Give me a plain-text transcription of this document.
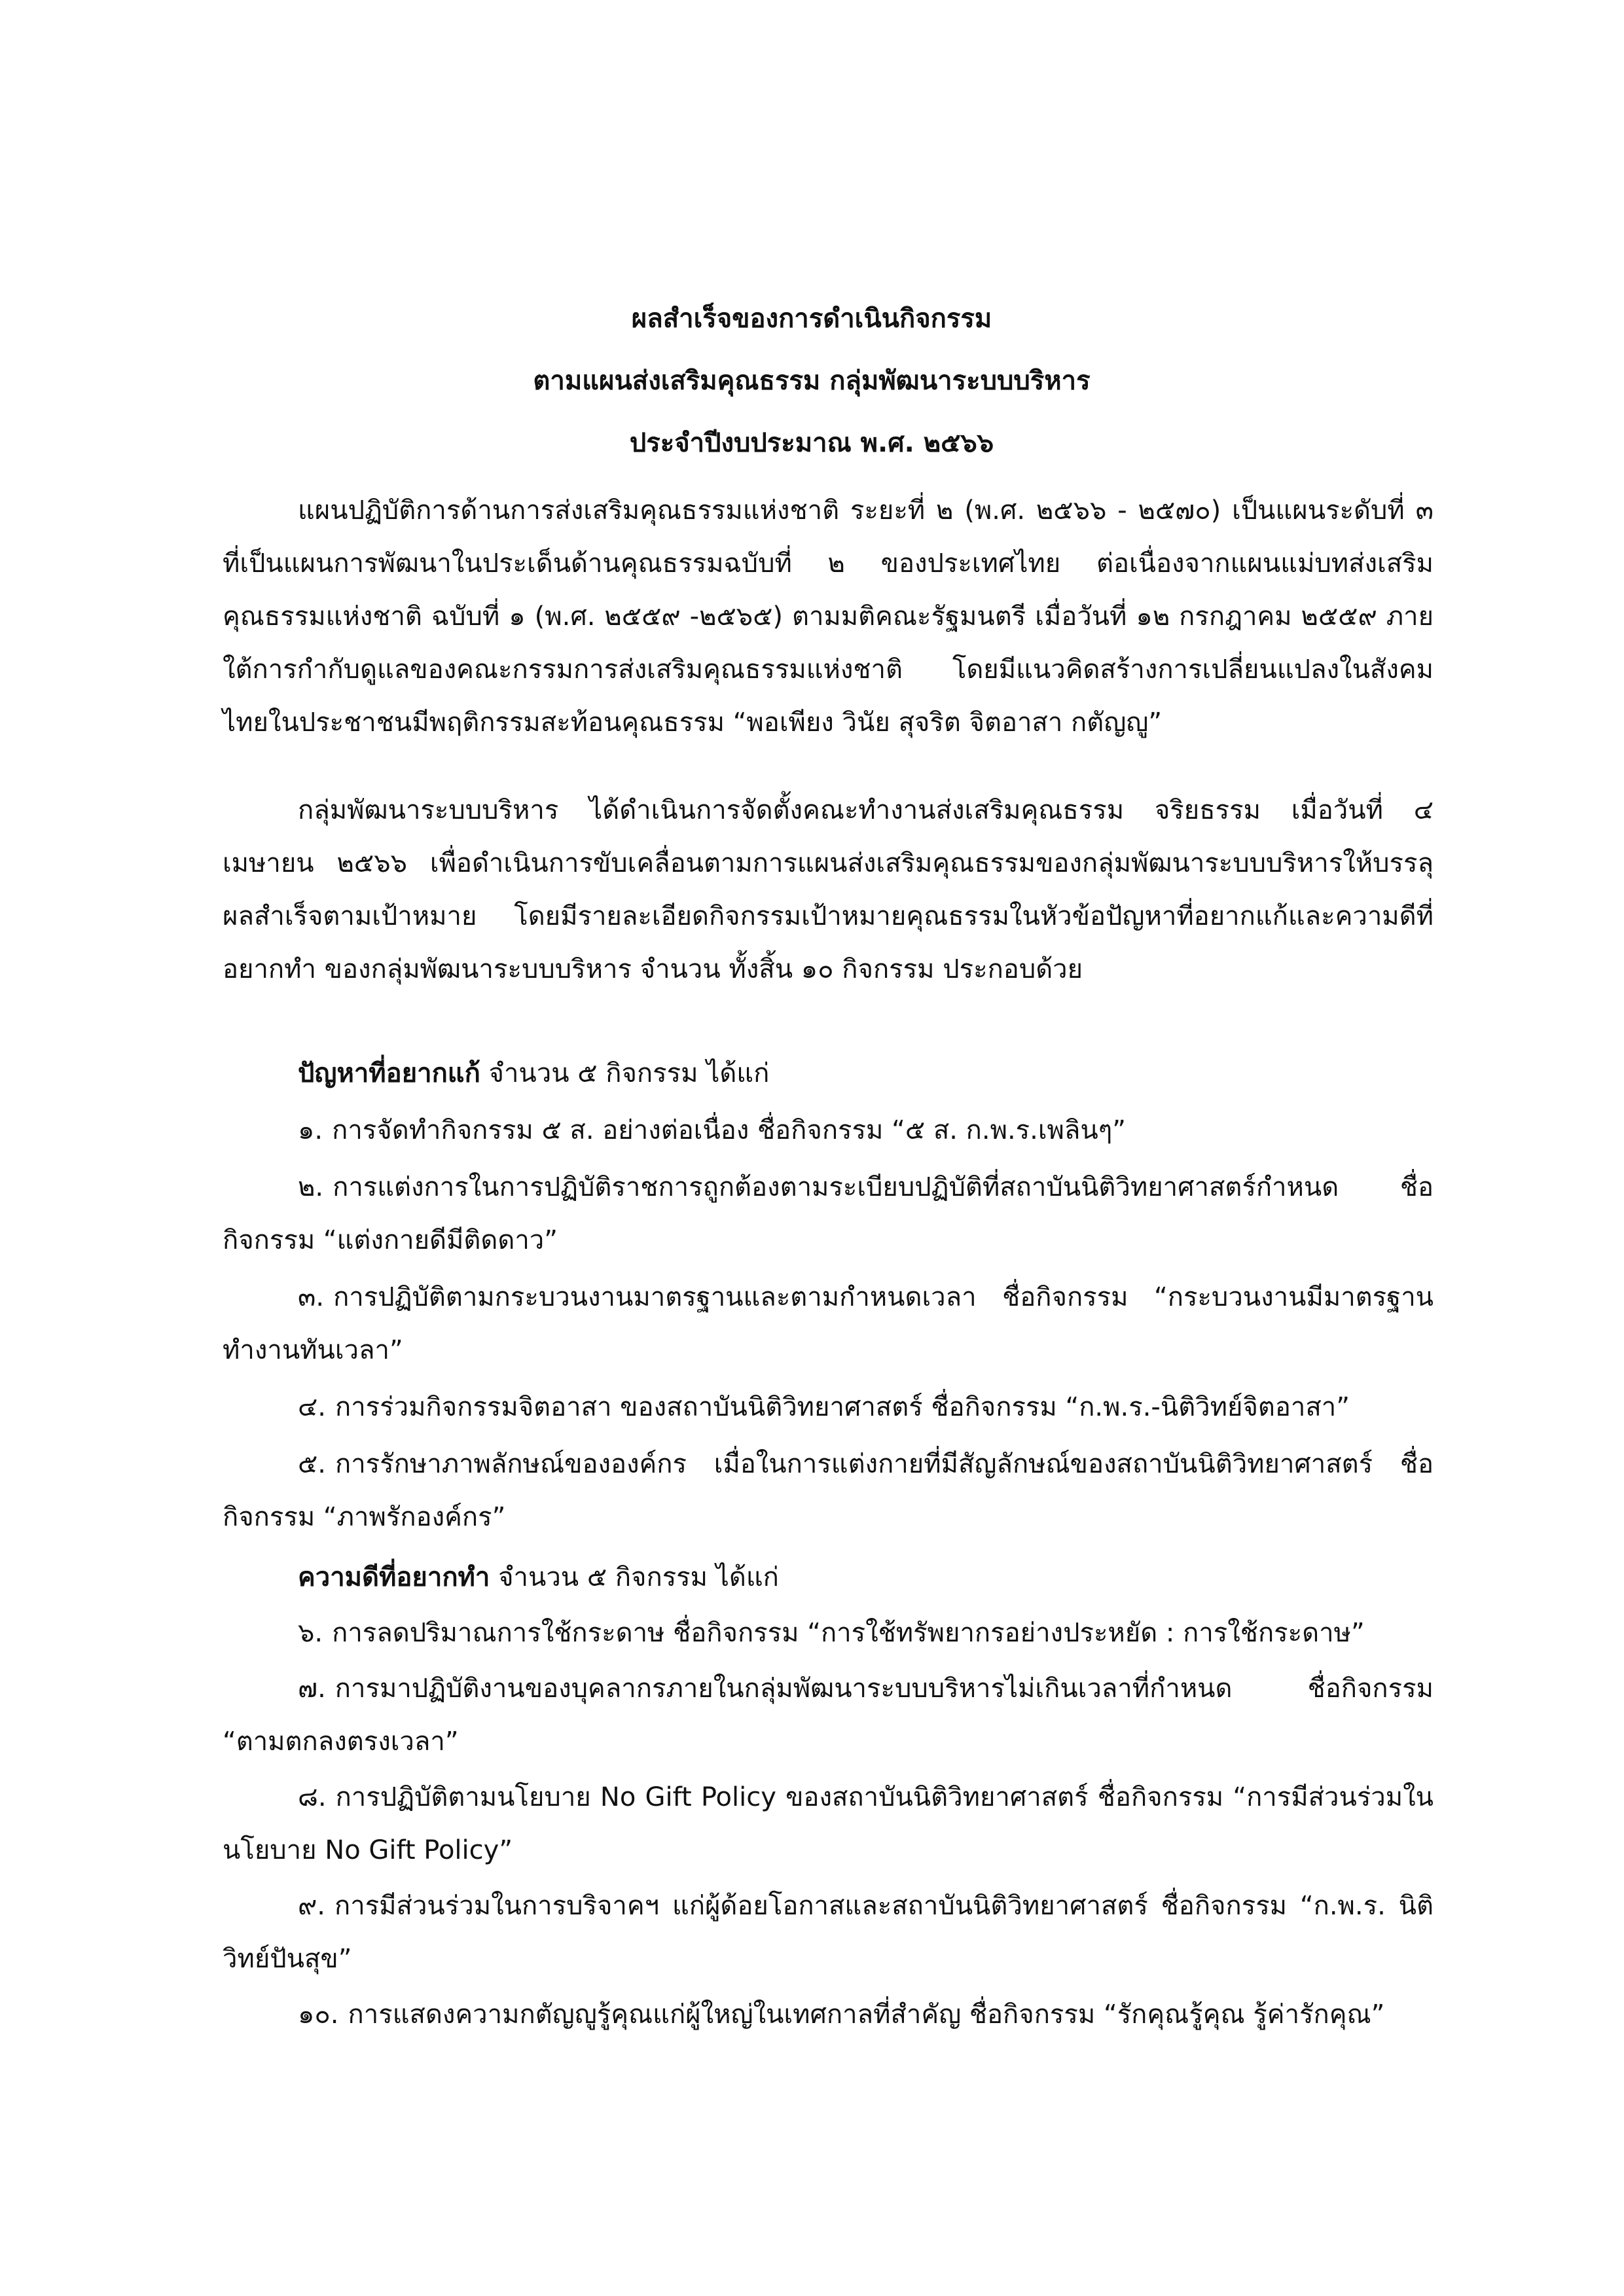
ผลสำเร็จของการดำเนินกิจกรรม
ตามแผนส่งเสริมคุณธรรม กลุ่มพัฒนาระบบบริหาร
ประจำปีงบประมาณ พ.ศ. ๒๕๖๖
แผนปฏิบัติการด้านการส่งเสริมคุณธรรมแห่งชาติ ระยะที่ ๒ (พ.ศ. ๒๕๖๖ - ๒๕๗๐) เป็นแผนระดับที่ ๓ ที่เป็นแผนการพัฒนาในประเด็นด้านคุณธรรมฉบับที่ ๒ ของประเทศไทย ต่อเนื่องจากแผนแม่บทส่งเสริมคุณธรรมแห่งชาติ ฉบับที่ ๑ (พ.ศ. ๒๕๕๙ -๒๕๖๕) ตามมติคณะรัฐมนตรี เมื่อวันที่ ๑๒ กรกฎาคม ๒๕๕๙ ภายใต้การกำกับดูแลของคณะกรรมการส่งเสริมคุณธรรมแห่งชาติ โดยมีแนวคิดสร้างการเปลี่ยนแปลงในสังคมไทยในประชาชนมีพฤติกรรมสะท้อนคุณธรรม “พอเพียง วินัย สุจริต จิตอาสา กตัญญู”
กลุ่มพัฒนาระบบบริหาร ได้ดำเนินการจัดตั้งคณะทำงานส่งเสริมคุณธรรม จริยธรรม เมื่อวันที่ ๔ เมษายน ๒๕๖๖ เพื่อดำเนินการขับเคลื่อนตามการแผนส่งเสริมคุณธรรมของกลุ่มพัฒนาระบบบริหารให้บรรลุผลสำเร็จตามเป้าหมาย โดยมีรายละเอียดกิจกรรมเป้าหมายคุณธรรมในหัวข้อปัญหาที่อยากแก้และความดีที่อยากทำ ของกลุ่มพัฒนาระบบบริหาร จำนวน ทั้งสิ้น ๑๐ กิจกรรม ประกอบด้วย
ปัญหาที่อยากแก้ จำนวน ๕ กิจกรรม ได้แก่
๑. การจัดทำกิจกรรม ๕ ส. อย่างต่อเนื่อง ชื่อกิจกรรม “๕ ส. ก.พ.ร.เพลินๆ”
๒. การแต่งการในการปฏิบัติราชการถูกต้องตามระเบียบปฏิบัติที่สถาบันนิติวิทยาศาสตร์กำหนด ชื่อกิจกรรม “แต่งกายดีมีติดดาว”
๓. การปฏิบัติตามกระบวนงานมาตรฐานและตามกำหนดเวลา ชื่อกิจกรรม “กระบวนงานมีมาตรฐานทำงานทันเวลา”
๔. การร่วมกิจกรรมจิตอาสา ของสถาบันนิติวิทยาศาสตร์ ชื่อกิจกรรม “ก.พ.ร.-นิติวิทย์จิตอาสา”
๕. การรักษาภาพลักษณ์ขององค์กร เมื่อในการแต่งกายที่มีสัญลักษณ์ของสถาบันนิติวิทยาศาสตร์ ชื่อกิจกรรม “ภาพรักองค์กร”
ความดีที่อยากทำ จำนวน ๕ กิจกรรม ได้แก่
๖. การลดปริมาณการใช้กระดาษ ชื่อกิจกรรม “การใช้ทรัพยากรอย่างประหยัด : การใช้กระดาษ”
๗. การมาปฏิบัติงานของบุคลากรภายในกลุ่มพัฒนาระบบบริหารไม่เกินเวลาที่กำหนด ชื่อกิจกรรม “ตามตกลงตรงเวลา”
๘. การปฏิบัติตามนโยบาย No Gift Policy ของสถาบันนิติวิทยาศาสตร์ ชื่อกิจกรรม “การมีส่วนร่วมในนโยบาย No Gift Policy”
๙. การมีส่วนร่วมในการบริจาคฯ แก่ผู้ด้อยโอกาสและสถาบันนิติวิทยาศาสตร์ ชื่อกิจกรรม “ก.พ.ร. นิติวิทย์ปันสุข”
๑๐. การแสดงความกตัญญูรู้คุณแก่ผู้ใหญ่ในเทศกาลที่สำคัญ ชื่อกิจกรรม “รักคุณรู้คุณ รู้ค่ารักคุณ”
